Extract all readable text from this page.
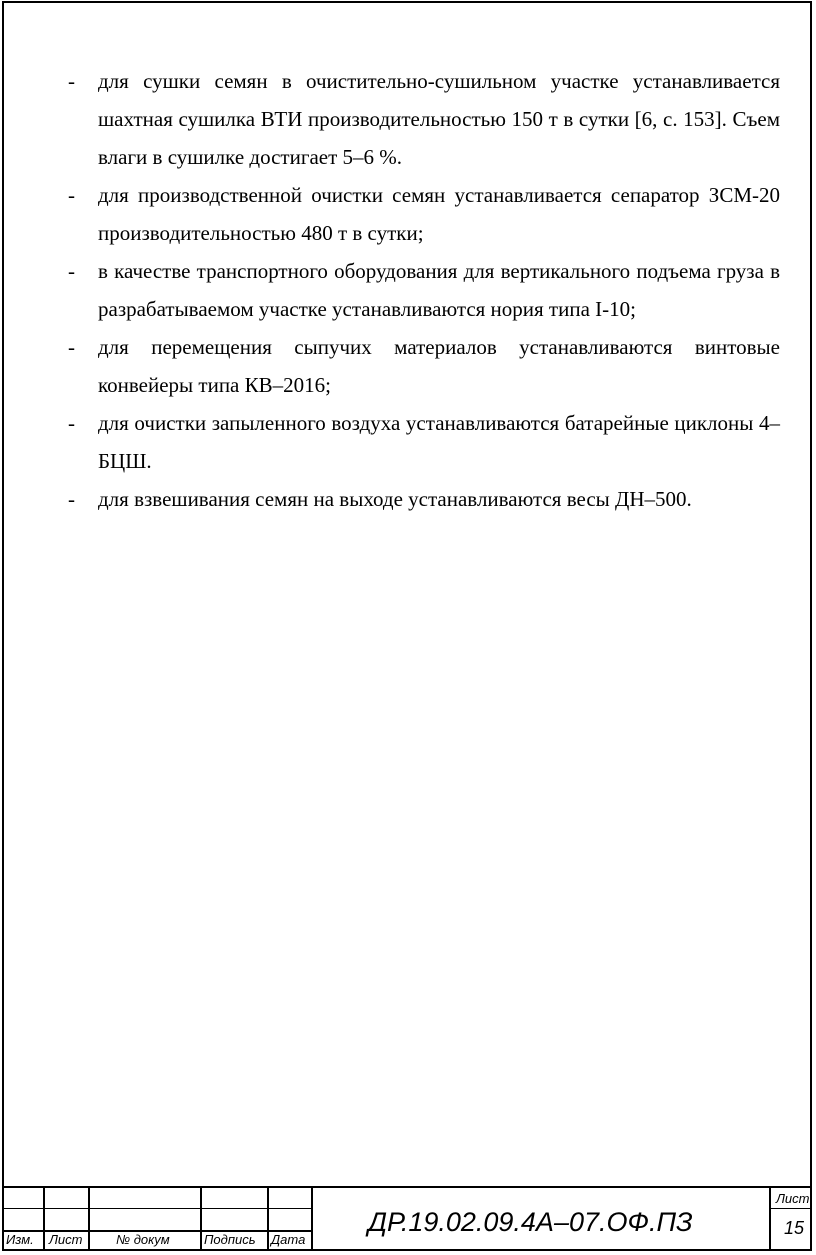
- для сушки семян в очистительно-сушильном участке устанавливается шахтная сушилка ВТИ производительностью 150 т в сутки [6, с. 153]. Съем влаги в сушилке достигает 5–6 %.
- для производственной очистки семян устанавливается сепаратор ЗСМ-20 производительностью 480 т в сутки;
- в качестве транспортного оборудования для вертикального подъема груза в разрабатываемом участке устанавливаются нория типа I-10;
- для перемещения сыпучих материалов устанавливаются винтовые конвейеры типа КВ–2016;
- для очистки запыленного воздуха устанавливаются батарейные циклоны 4–БЦШ.
- для взвешивания семян на выходе устанавливаются весы ДН–500.
Изм. Лист	№ докум	Подпись Дата
ДР.19.02.09.4А–07.ОФ.ПЗ
Лист
15
